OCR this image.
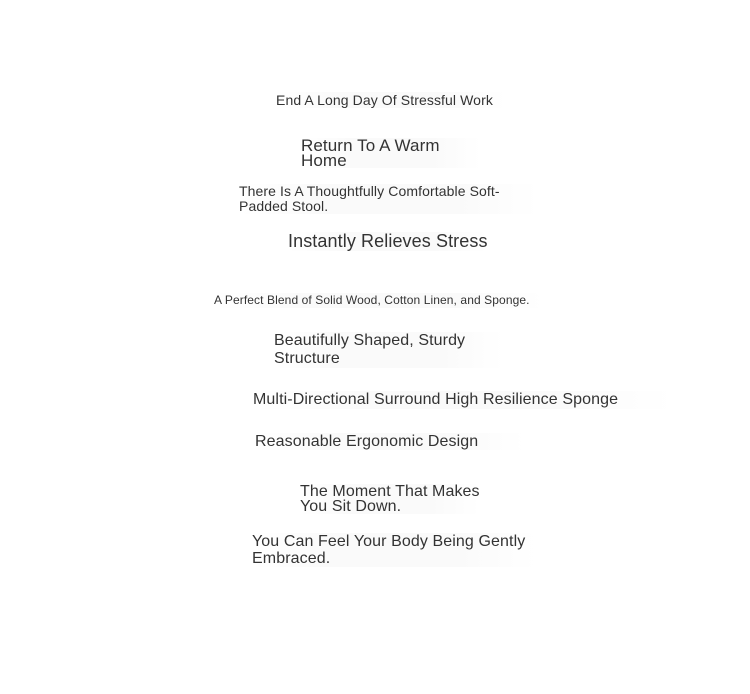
End A Long Day Of Stressful Work

Return To A Warm Home

There Is A Thoughtfully Comfortable Soft-Padded Stool.

Instantly Relieves Stress

A Perfect Blend of Solid Wood, Cotton Linen, and Sponge.

Beautifully Shaped, Sturdy Structure

Multi-Directional Surround High Resilience Sponge

Reasonable Ergonomic Design

The Moment That Makes You Sit Down.

You Can Feel Your Body Being Gently Embraced.
